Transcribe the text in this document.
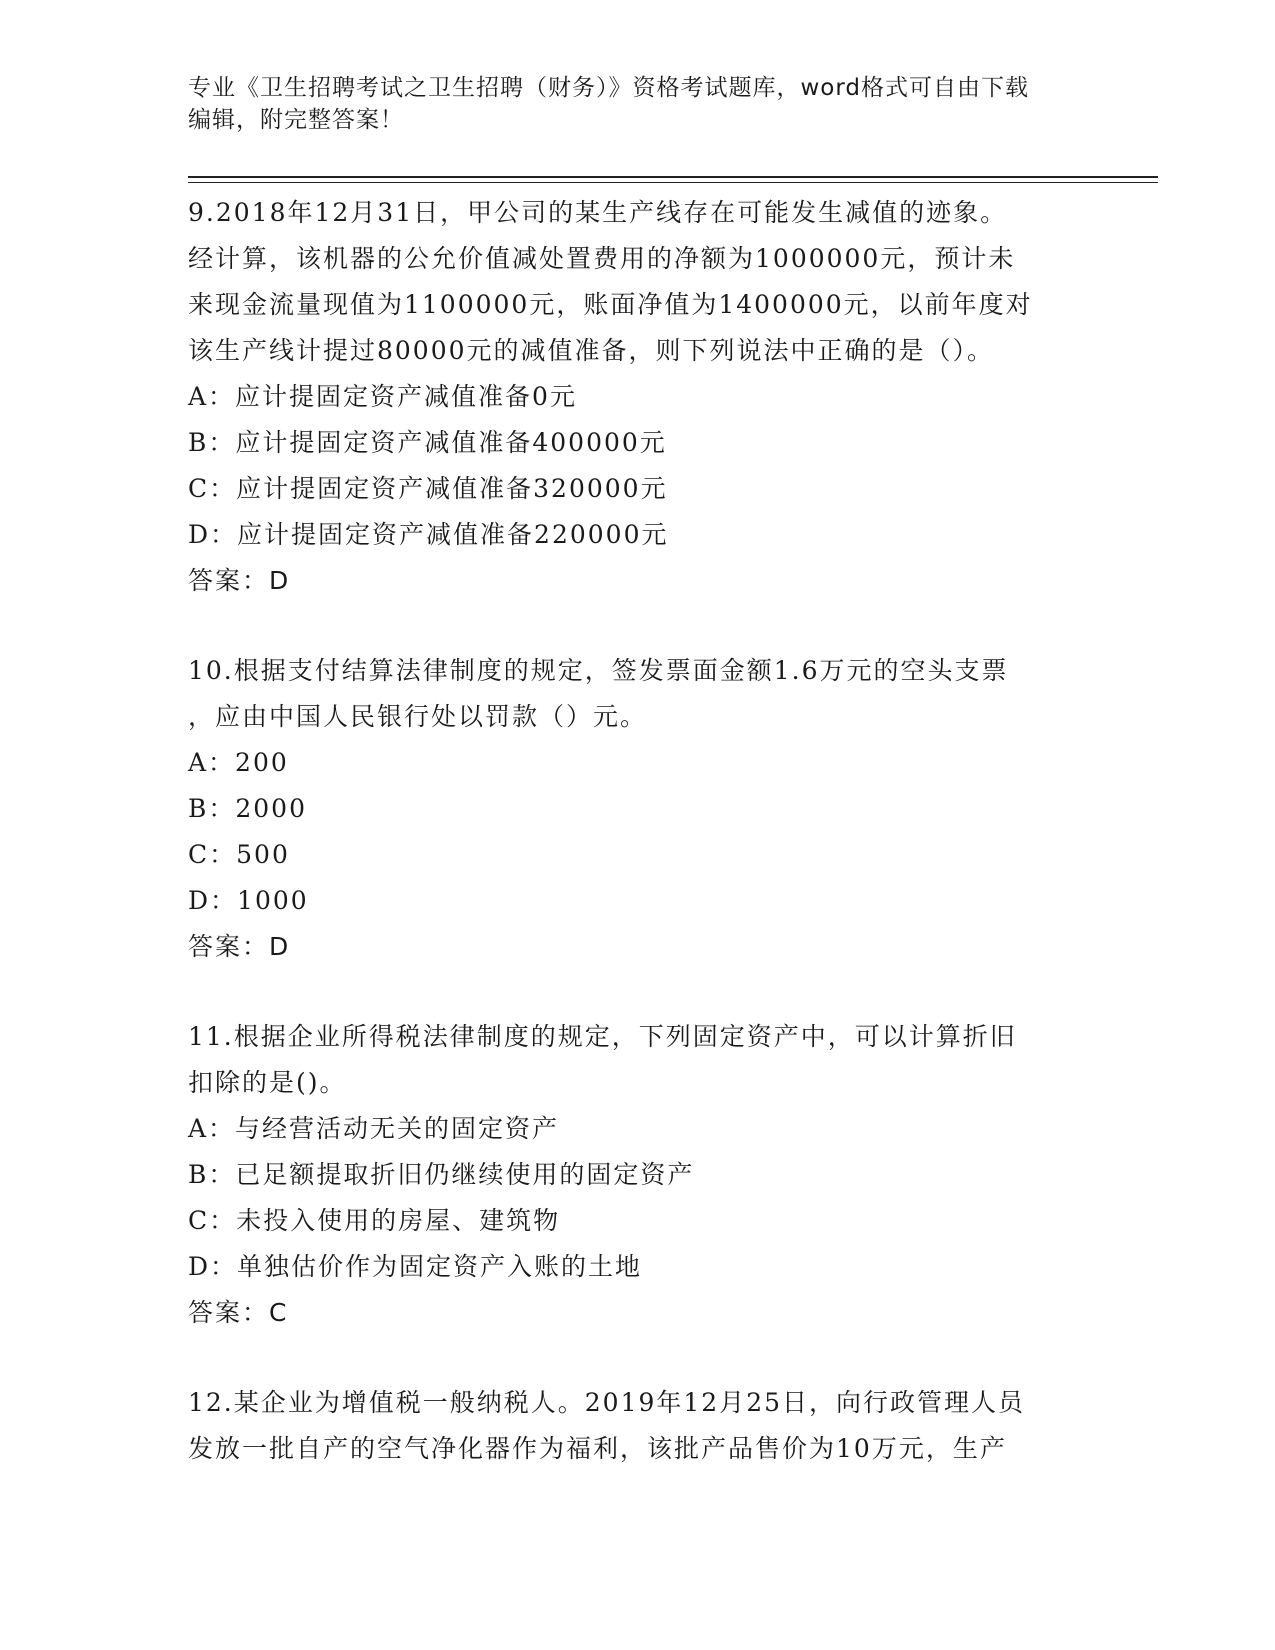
专业《卫生招聘考试之卫生招聘（财务）》资格考试题库，word格式可自由下载
编辑，附完整答案！
9.2018年12月31日，甲公司的某生产线存在可能发生减值的迹象。
经计算，该机器的公允价值减处置费用的净额为1000000元，预计未
来现金流量现值为1100000元，账面净值为1400000元，以前年度对
该生产线计提过80000元的减值准备，则下列说法中正确的是（）。
A：应计提固定资产减值准备0元
B：应计提固定资产减值准备400000元
C：应计提固定资产减值准备320000元
D：应计提固定资产减值准备220000元
答案：D
10.根据支付结算法律制度的规定，签发票面金额1.6万元的空头支票
，应由中国人民银行处以罚款（）元。
A：200
B：2000
C：500
D：1000
答案：D
11.根据企业所得税法律制度的规定，下列固定资产中，可以计算折旧
扣除的是()。
A：与经营活动无关的固定资产
B：已足额提取折旧仍继续使用的固定资产
C：未投入使用的房屋、建筑物
D：单独估价作为固定资产入账的土地
答案：C
12.某企业为增值税一般纳税人。2019年12月25日，向行政管理人员
发放一批自产的空气净化器作为福利，该批产品售价为10万元，生产
